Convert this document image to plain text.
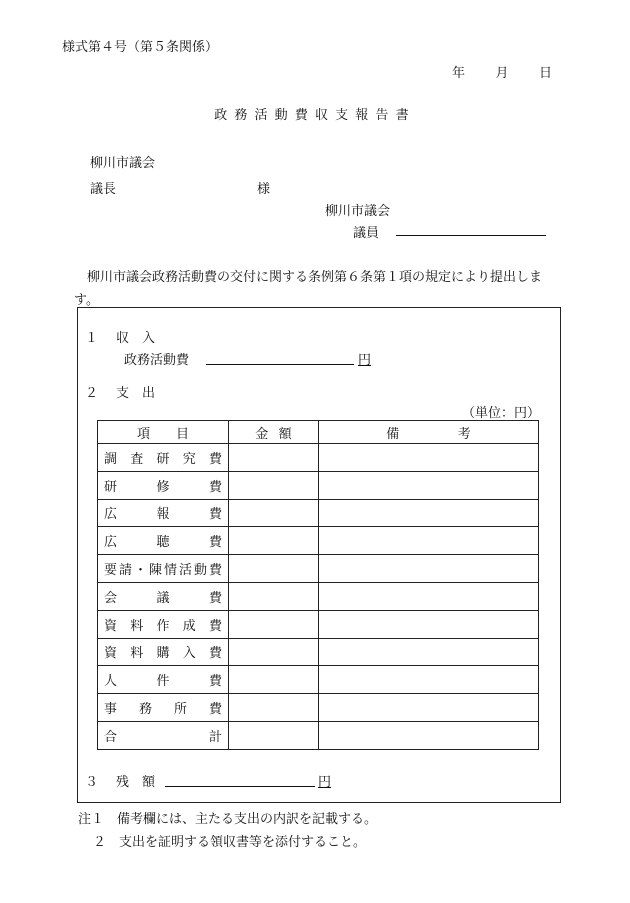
様式第４号（第５条関係）
年 月 日
政務活動費収支報告書
柳川市議会
議長	様
柳川市議会
議員
柳川市議会政務活動費の交付に関する条例第６条第１項の規定により提出します。
１ 収　入
政務活動費	円
２ 支　出
（単位：円）
項目	金額	備考

調査研究費		

研修費		

広報費		

広聴費		

要請・陳情活動費		

会議費		

資料作成費		

資料購入費		

人件費		

事務所費		

合計		

３ 残　額	円
注１　備考欄には、主たる支出の内訳を記載する。
２　支出を証明する領収書等を添付すること。
